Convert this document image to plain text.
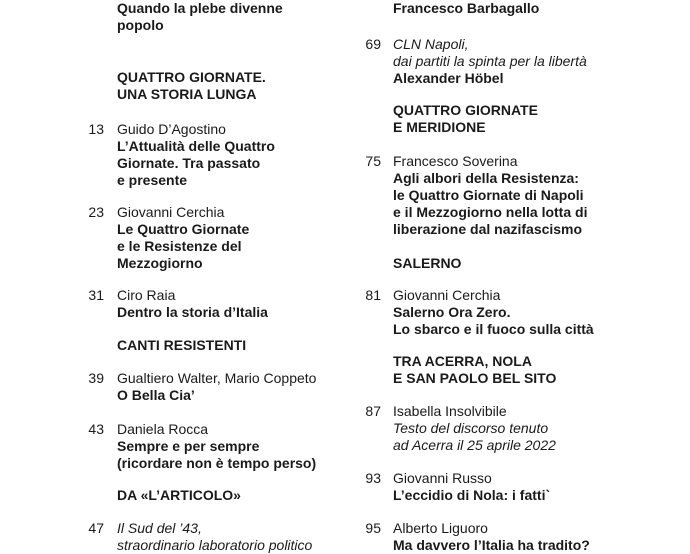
Quando la plebe divenne
popolo
QUATTRO GIORNATE.
UNA STORIA LUNGA
13 Guido D’Agostino
L’Attualità delle Quattro
Giornate. Tra passato
e presente
23 Giovanni Cerchia
Le Quattro Giornate
e le Resistenze del
Mezzogiorno
31 Ciro Raia
Dentro la storia d’Italia
CANTI RESISTENTI
39 Gualtiero Walter, Mario Coppeto
O Bella Cia’
43 Daniela Rocca
Sempre e per sempre
(ricordare non è tempo perso)
DA «L’ARTICOLO»
47 Il Sud del ’43,
straordinario laboratorio politico
Francesco Barbagallo
69 CLN Napoli,
dai partiti la spinta per la libertà
Alexander Höbel
QUATTRO GIORNATE
E MERIDIONE
75 Francesco Soverina
Agli albori della Resistenza:
le Quattro Giornate di Napoli
e il Mezzogiorno nella lotta di
liberazione dal nazifascismo
SALERNO
81 Giovanni Cerchia
Salerno Ora Zero.
Lo sbarco e il fuoco sulla città
TRA ACERRA, NOLA
E SAN PAOLO BEL SITO
87 Isabella Insolvibile
Testo del discorso tenuto
ad Acerra il 25 aprile 2022
93 Giovanni Russo
L’eccidio di Nola: i fatti`
95 Alberto Liguoro
Ma davvero l’Italia ha tradito?
